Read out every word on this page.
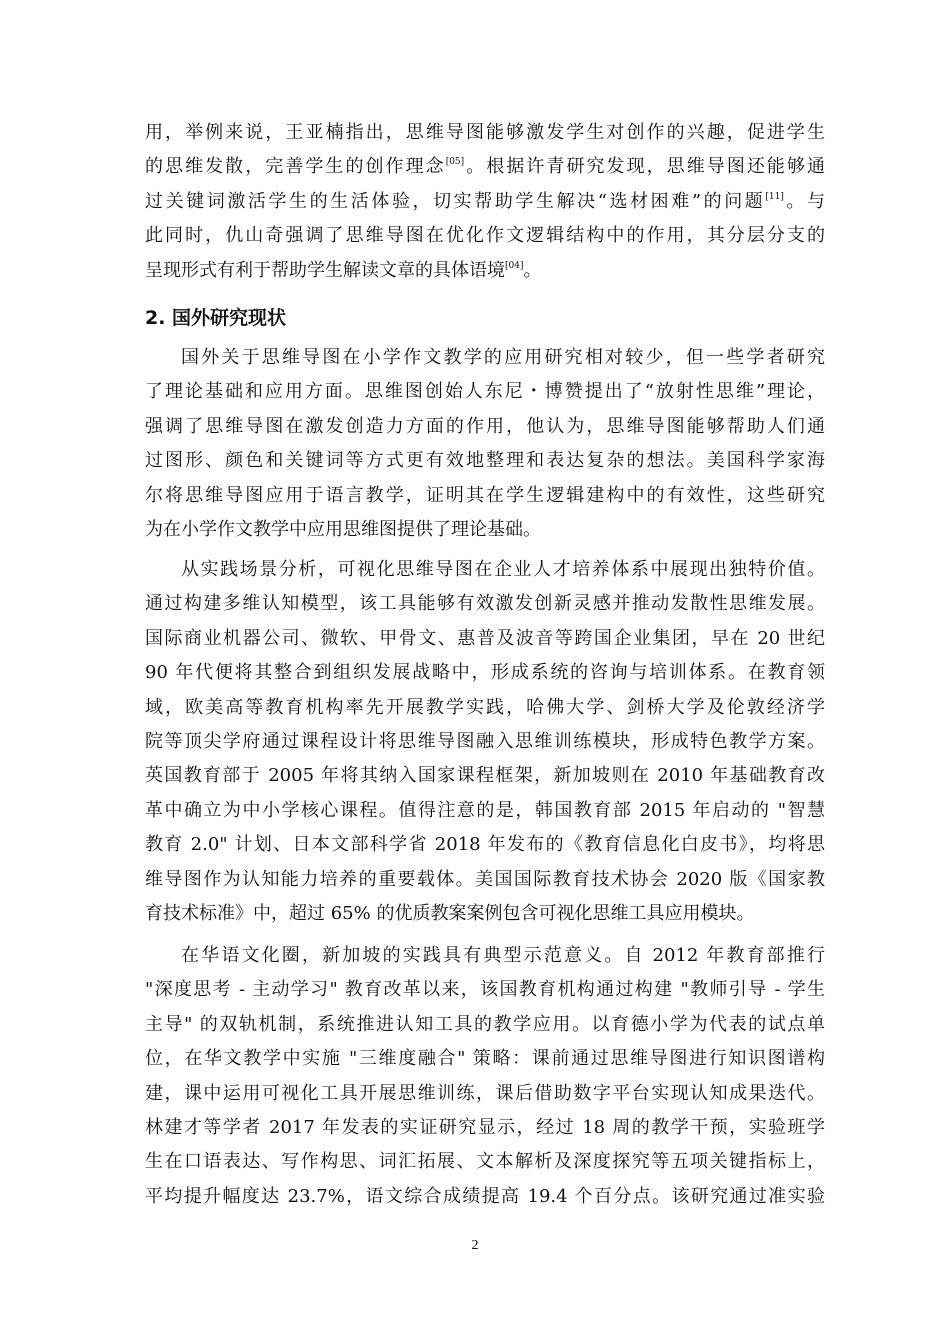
用，举例来说，王亚楠指出，思维导图能够激发学生对创作的兴趣，促进学生
的思维发散，完善学生的创作理念[05]。根据许青研究发现，思维导图还能够通
过关键词激活学生的生活体验，切实帮助学生解决“选材困难”的问题[11]。与
此同时，仇山奇强调了思维导图在优化作文逻辑结构中的作用，其分层分支的
呈现形式有利于帮助学生解读文章的具体语境[04]。
2. 国外研究现状
国外关于思维导图在小学作文教学的应用研究相对较少，但一些学者研究
了理论基础和应用方面。思维图创始人东尼・博赞提出了“放射性思维”理论，
强调了思维导图在激发创造力方面的作用，他认为，思维导图能够帮助人们通
过图形、颜色和关键词等方式更有效地整理和表达复杂的想法。美国科学家海
尔将思维导图应用于语言教学，证明其在学生逻辑建构中的有效性，这些研究
为在小学作文教学中应用思维图提供了理论基础。
从实践场景分析，可视化思维导图在企业人才培养体系中展现出独特价值。
通过构建多维认知模型，该工具能够有效激发创新灵感并推动发散性思维发展。
国际商业机器公司、微软、甲骨文、惠普及波音等跨国企业集团，早在 20 世纪
90 年代便将其整合到组织发展战略中，形成系统的咨询与培训体系。在教育领
域，欧美高等教育机构率先开展教学实践，哈佛大学、剑桥大学及伦敦经济学
院等顶尖学府通过课程设计将思维导图融入思维训练模块，形成特色教学方案。
英国教育部于 2005 年将其纳入国家课程框架，新加坡则在 2010 年基础教育改
革中确立为中小学核心课程。值得注意的是，韩国教育部 2015 年启动的 "智慧
教育 2.0" 计划、日本文部科学省 2018 年发布的《教育信息化白皮书》，均将思
维导图作为认知能力培养的重要载体。美国国际教育技术协会 2020 版《国家教
育技术标准》中，超过 65% 的优质教案案例包含可视化思维工具应用模块。
在华语文化圈，新加坡的实践具有典型示范意义。自 2012 年教育部推行
"深度思考 - 主动学习" 教育改革以来，该国教育机构通过构建 "教师引导 - 学生
主导" 的双轨机制，系统推进认知工具的教学应用。以育德小学为代表的试点单
位，在华文教学中实施 "三维度融合" 策略：课前通过思维导图进行知识图谱构
建，课中运用可视化工具开展思维训练，课后借助数字平台实现认知成果迭代。
林建才等学者 2017 年发表的实证研究显示，经过 18 周的教学干预，实验班学
生在口语表达、写作构思、词汇拓展、文本解析及深度探究等五项关键指标上，
平均提升幅度达 23.7%，语文综合成绩提高 19.4 个百分点。该研究通过准实验
2
